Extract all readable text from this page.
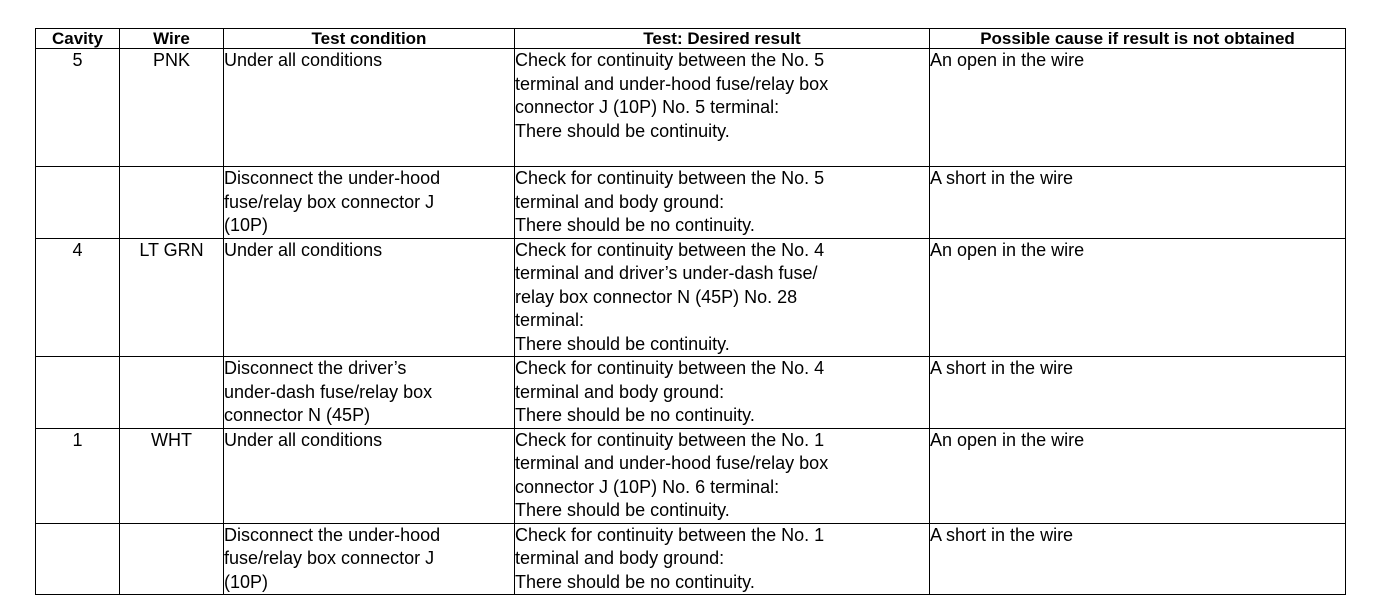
Cavity	Wire	Test condition	Test: Desired result	Possible cause if result is not obtained
5	PNK	Under all conditions	Check for continuity between the No. 5
terminal and under-hood fuse/relay box
connector J (10P) No. 5 terminal:
There should be continuity.	An open in the wire

		Disconnect the under-hood
fuse/relay box connector J
(10P)	Check for continuity between the No. 5
terminal and body ground:
There should be no continuity.	A short in the wire
4	LT GRN	Under all conditions	Check for continuity between the No. 4
terminal and driver’s under-dash fuse/
relay box connector N (45P) No. 28
terminal:
There should be continuity.	An open in the wire

		Disconnect the driver’s
under-dash fuse/relay box
connector N (45P)	Check for continuity between the No. 4
terminal and body ground:
There should be no continuity.	A short in the wire
1	WHT	Under all conditions	Check for continuity between the No. 1
terminal and under-hood fuse/relay box
connector J (10P) No. 6 terminal:
There should be continuity.	An open in the wire

		Disconnect the under-hood
fuse/relay box connector J
(10P)	Check for continuity between the No. 1
terminal and body ground:
There should be no continuity.	A short in the wire
